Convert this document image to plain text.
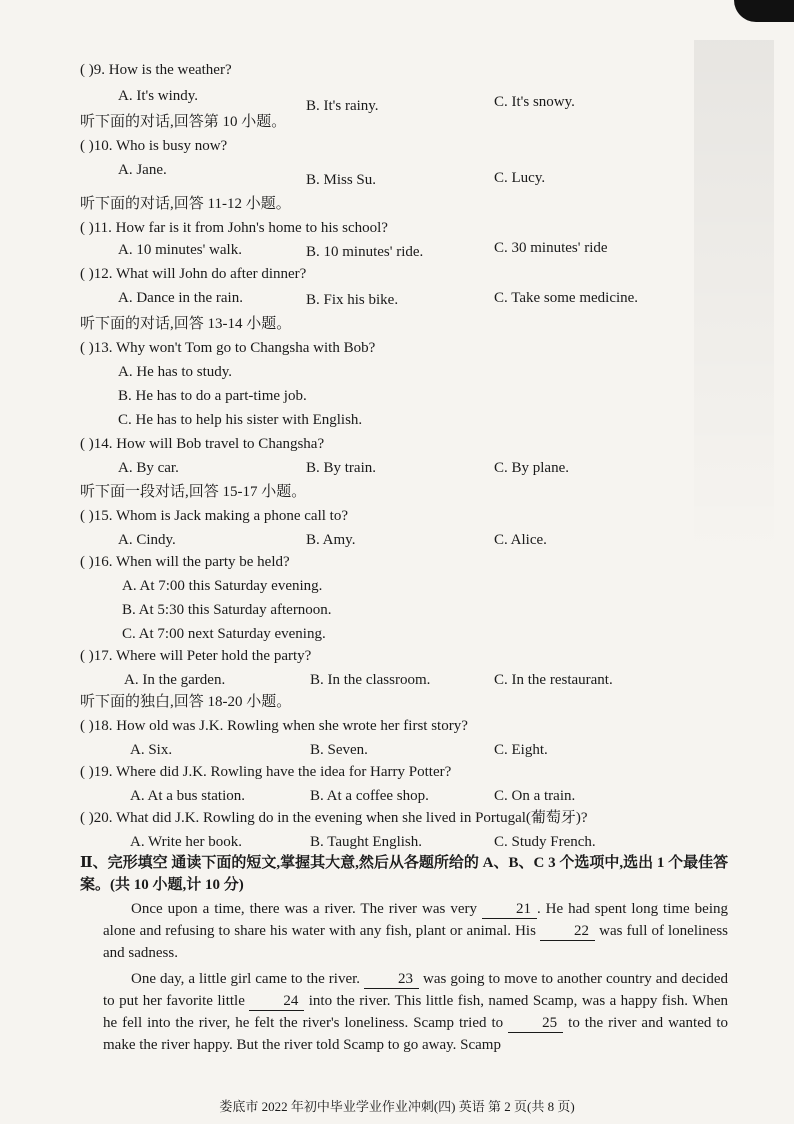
( )9. How is the weather?
A. It's windy.
B. It's rainy.	C. It's snowy.
听下面的对话,回答第 10 小题。
( )10. Who is busy now?
A. Jane.
B. Miss Su.	C. Lucy.
听下面的对话,回答 11-12 小题。
( )11. How far is it from John's home to his school?
A. 10 minutes' walk.	B. 10 minutes' ride.	C. 30 minutes' ride
( )12. What will John do after dinner?
A. Dance in the rain.	B. Fix his bike.	C. Take some medicine.
听下面的对话,回答 13-14 小题。
( )13. Why won't Tom go to Changsha with Bob?
A. He has to study.
B. He has to do a part-time job.
C. He has to help his sister with English.
( )14. How will Bob travel to Changsha?
A. By car.	B. By train.	C. By plane.
听下面一段对话,回答 15-17 小题。
( )15. Whom is Jack making a phone call to?
A. Cindy.	B. Amy.	C. Alice.
( )16. When will the party be held?
A. At 7:00 this Saturday evening.
B. At 5:30 this Saturday afternoon.
C. At 7:00 next Saturday evening.
( )17. Where will Peter hold the party?
A. In the garden.	B. In the classroom.	C. In the restaurant.
听下面的独白,回答 18-20 小题。
( )18. How old was J.K. Rowling when she wrote her first story?
A. Six.	B. Seven.	C. Eight.
( )19. Where did J.K. Rowling have the idea for Harry Potter?
A. At a bus station.	B. At a coffee shop.	C. On a train.
( )20. What did J.K. Rowling do in the evening when she lived in Portugal(葡萄牙)?
A. Write her book.	B. Taught English.	C. Study French.
Ⅱ、完形填空 通读下面的短文,掌握其大意,然后从各题所给的 A、B、C 3 个选项中,选出 1 个最佳答案。(共 10 小题,计 10 分)

Once upon a time, there was a river. The river was very	21 . He had spent long time being alone and refusing to share his water with any fish, plant or animal. His	22 was full of loneliness and sadness.

One day, a little girl came to the river.	23 was going to move to another country and decided to put her favorite little	24 into the river. This little fish, named Scamp, was a happy fish. When he fell into the river, he felt the river's loneliness. Scamp tried to	25 to the river and wanted to make the river happy. But the river told Scamp to go away. Scamp

娄底市 2022 年初中毕业学业作业冲刺(四) 英语 第 2 页(共 8 页)
